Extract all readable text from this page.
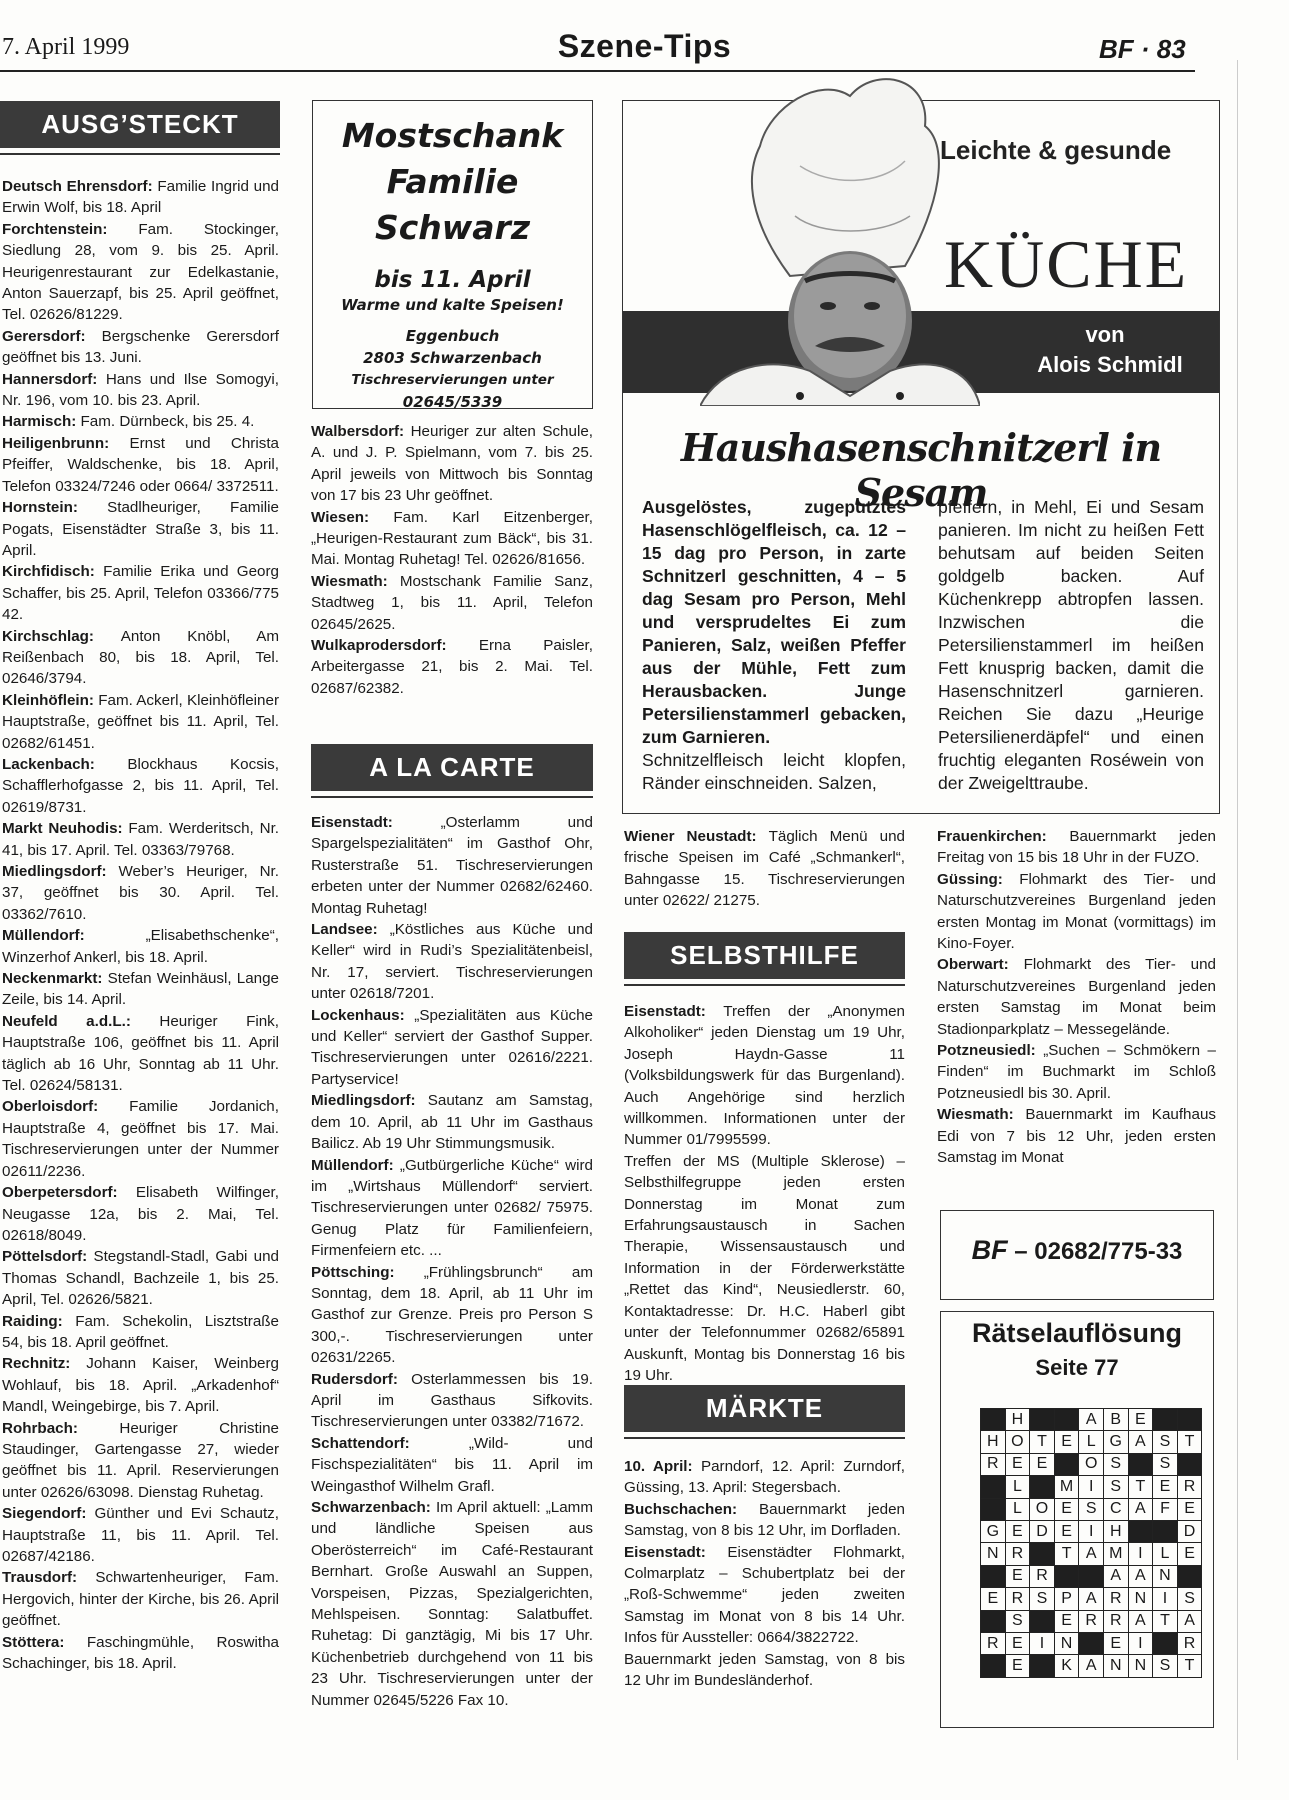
7. April 1999	Szene-Tips	BF · 83
AUSG’STECKT

Deutsch Ehrensdorf: Familie Ingrid und Erwin Wolf, bis 18. April

Forchtenstein: Fam. Stockinger, Siedlung 28, vom 9. bis 25. April. Heurigenrestaurant zur Edelkastanie, Anton Sauerzapf, bis 25. April geöffnet, Tel. 02626/81229.

Gerersdorf: Bergschenke Gerersdorf geöffnet bis 13. Juni.

Hannersdorf: Hans und Ilse Somogyi, Nr. 196, vom 10. bis 23. April.

Harmisch: Fam. Dürnbeck, bis 25. 4.

Heiligenbrunn: Ernst und Christa Pfeiffer, Waldschenke, bis 18. April, Telefon 03324/7246 oder 0664/ 3372511.

Hornstein: Stadlheuriger, Familie Pogats, Eisenstädter Straße 3, bis 11. April.

Kirchfidisch: Familie Erika und Georg Schaffer, bis 25. April, Telefon 03366/775 42.

Kirchschlag: Anton Knöbl, Am Reißenbach 80, bis 18. April, Tel. 02646/3794.

Kleinhöflein: Fam. Ackerl, Kleinhöfleiner Hauptstraße, geöffnet bis 11. April, Tel. 02682/61451.

Lackenbach: Blockhaus Kocsis, Schafflerhofgasse 2, bis 11. April, Tel. 02619/8731.

Markt Neuhodis: Fam. Werderitsch, Nr. 41, bis 17. April. Tel. 03363/79768.

Miedlingsdorf: Weber’s Heuriger, Nr. 37, geöffnet bis 30. April. Tel. 03362/7610.

Müllendorf: „Elisabethschenke“, Winzerhof Ankerl, bis 18. April.

Neckenmarkt: Stefan Weinhäusl, Lange Zeile, bis 14. April.

Neufeld a.d.L.: Heuriger Fink, Hauptstraße 106, geöffnet bis 11. April täglich ab 16 Uhr, Sonntag ab 11 Uhr. Tel. 02624/58131.

Oberloisdorf: Familie Jordanich, Hauptstraße 4, geöffnet bis 17. Mai. Tischreservierungen unter der Nummer 02611/2236.

Oberpetersdorf: Elisabeth Wilfinger, Neugasse 12a, bis 2. Mai, Tel. 02618/8049.

Pöttelsdorf: Stegstandl-Stadl, Gabi und Thomas Schandl, Bachzeile 1, bis 25. April, Tel. 02626/5821.

Raiding: Fam. Schekolin, Lisztstraße 54, bis 18. April geöffnet.

Rechnitz: Johann Kaiser, Weinberg Wohlauf, bis 18. April. „Arkadenhof“ Mandl, Weingebirge, bis 7. April.

Rohrbach: Heuriger Christine Staudinger, Gartengasse 27, wieder geöffnet bis 11. April. Reservierungen unter 02626/63098. Dienstag Ruhetag.

Siegendorf: Günther und Evi Schautz, Hauptstraße 11, bis 11. April. Tel. 02687/42186.

Trausdorf: Schwartenheuriger, Fam. Hergovich, hinter der Kirche, bis 26. April geöffnet.

Stöttera: Faschingmühle, Roswitha Schachinger, bis 18. April.

Mostschank
Familie Schwarz
bis 11. April
Warme und kalte Speisen!
Eggenbuch
2803 Schwarzenbach
Tischreservierungen unter
02645/5339

Walbersdorf: Heuriger zur alten Schule, A. und J. P. Spielmann, vom 7. bis 25. April jeweils von Mittwoch bis Sonntag von 17 bis 23 Uhr geöffnet.

Wiesen: Fam. Karl Eitzenberger, „Heurigen-Restaurant zum Bäck“, bis 31. Mai. Montag Ruhetag! Tel. 02626/81656.

Wiesmath: Mostschank Familie Sanz, Stadtweg 1, bis 11. April, Telefon 02645/2625.

Wulkaprodersdorf: Erna Paisler, Arbeitergasse 21, bis 2. Mai. Tel. 02687/62382.

A LA CARTE

Eisenstadt: „Osterlamm und Spargelspezialitäten“ im Gasthof Ohr, Rusterstraße 51. Tischreservierungen erbeten unter der Nummer 02682/62460. Montag Ruhetag!

Landsee: „Köstliches aus Küche und Keller“ wird in Rudi’s Spezialitätenbeisl, Nr. 17, serviert. Tischreservierungen unter 02618/7201.

Lockenhaus: „Spezialitäten aus Küche und Keller“ serviert der Gasthof Supper. Tischreservierungen unter 02616/2221. Partyservice!

Miedlingsdorf: Sautanz am Samstag, dem 10. April, ab 11 Uhr im Gasthaus Bailicz. Ab 19 Uhr Stimmungsmusik.

Müllendorf: „Gutbürgerliche Küche“ wird im „Wirtshaus Müllendorf“ serviert. Tischreservierungen unter 02682/ 75975. Genug Platz für Familienfeiern, Firmenfeiern etc. ...

Pöttsching: „Frühlingsbrunch“ am Sonntag, dem 18. April, ab 11 Uhr im Gasthof zur Grenze. Preis pro Person S 300,-. Tischreservierungen unter 02631/2265.

Rudersdorf: Osterlammessen bis 19. April im Gasthaus Sifkovits. Tischreservierungen unter 03382/71672.

Schattendorf: „Wild- und Fischspezialitäten“ bis 11. April im Weingasthof Wilhelm Grafl.

Schwarzenbach: Im April aktuell: „Lamm und ländliche Speisen aus Oberösterreich“ im Café-Restaurant Bernhart. Große Auswahl an Suppen, Vorspeisen, Pizzas, Spezialgerichten, Mehlspeisen. Sonntag: Salatbuffet. Ruhetag: Di ganztägig, Mi bis 17 Uhr. Küchenbetrieb durchgehend von 11 bis 23 Uhr. Tischreservierungen unter der Nummer 02645/5226 Fax 10.

Leichte & gesunde
KÜCHE
von
Alois Schmidl
Haushasenschnitzerl in Sesam
Ausgelöstes, zugeputztes Hasenschlögelfleisch, ca. 12 – 15 dag pro Person, in zarte Schnitzerl geschnitten, 4 – 5 dag Sesam pro Person, Mehl und versprudeltes Ei zum Panieren, Salz, weißen Pfeffer aus der Mühle, Fett zum Herausbacken. Junge Petersilienstammerl gebacken, zum Garnieren.
Schnitzelfleisch leicht klopfen, Ränder einschneiden. Salzen,
pfeffern, in Mehl, Ei und Sesam panieren. Im nicht zu heißen Fett behutsam auf beiden Seiten goldgelb backen. Auf Küchenkrepp abtropfen lassen. Inzwischen die Petersilienstammerl im heißen Fett knusprig backen, damit die Hasenschnitzerl garnieren. Reichen Sie dazu „Heurige Petersilienerdäpfel“ und einen fruchtig eleganten Roséwein von der Zweigelttraube.

Wiener Neustadt: Täglich Menü und frische Speisen im Café „Schmankerl“, Bahngasse 15. Tischreservierungen unter 02622/ 21275.

SELBSTHILFE

Eisenstadt: Treffen der „Anonymen Alkoholiker“ jeden Dienstag um 19 Uhr, Joseph Haydn-Gasse 11 (Volksbildungswerk für das Burgenland). Auch Angehörige sind herzlich willkommen. Informationen unter der Nummer 01/7995599.

Treffen der MS (Multiple Sklerose) – Selbsthilfegruppe jeden ersten Donnerstag im Monat zum Erfahrungsaustausch in Sachen Therapie, Wissensaustausch und Information in der Förderwerkstätte „Rettet das Kind“, Neusiedlerstr. 60, Kontaktadresse: Dr. H.C. Haberl gibt unter der Telefonnummer 02682/65891 Auskunft, Montag bis Donnerstag 16 bis 19 Uhr.

MÄRKTE

10. April: Parndorf, 12. April: Zurndorf, Güssing, 13. April: Stegersbach.

Buchschachen: Bauernmarkt jeden Samstag, von 8 bis 12 Uhr, im Dorfladen.

Eisenstadt: Eisenstädter Flohmarkt, Colmarplatz – Schubertplatz bei der „Roß-Schwemme“ jeden zweiten Samstag im Monat von 8 bis 14 Uhr. Infos für Aussteller: 0664/3822722.

Bauernmarkt jeden Samstag, von 8 bis 12 Uhr im Bundesländerhof.

Frauenkirchen: Bauernmarkt jeden Freitag von 15 bis 18 Uhr in der FUZO.

Güssing: Flohmarkt des Tier- und Naturschutzvereines Burgenland jeden ersten Montag im Monat (vormittags) im Kino-Foyer.

Oberwart: Flohmarkt des Tier- und Naturschutzvereines Burgenland jeden ersten Samstag im Monat beim Stadionparkplatz – Messegelände.

Potzneusiedl: „Suchen – Schmökern – Finden“ im Buchmarkt im Schloß Potzneusiedl bis 30. April.

Wiesmath: Bauernmarkt im Kaufhaus Edi von 7 bis 12 Uhr, jeden ersten Samstag im Monat

BF – 02682/775-33
Rätselauflösung
Seite 77
	H			A	B	E		
H	O	T	E	L	G	A	S	T
R	E	E		O	S		S	
	L		M	I	S	T	E	R
	L	O	E	S	C	A	F	E
G	E	D	E	I	H			D
N	R		T	A	M	I	L	E
	E	R			A	A	N	
E	R	S	P	A	R	N	I	S
	S		E	R	R	A	T	A
R	E	I	N		E	I		R
	E		K	A	N	N	S	T
